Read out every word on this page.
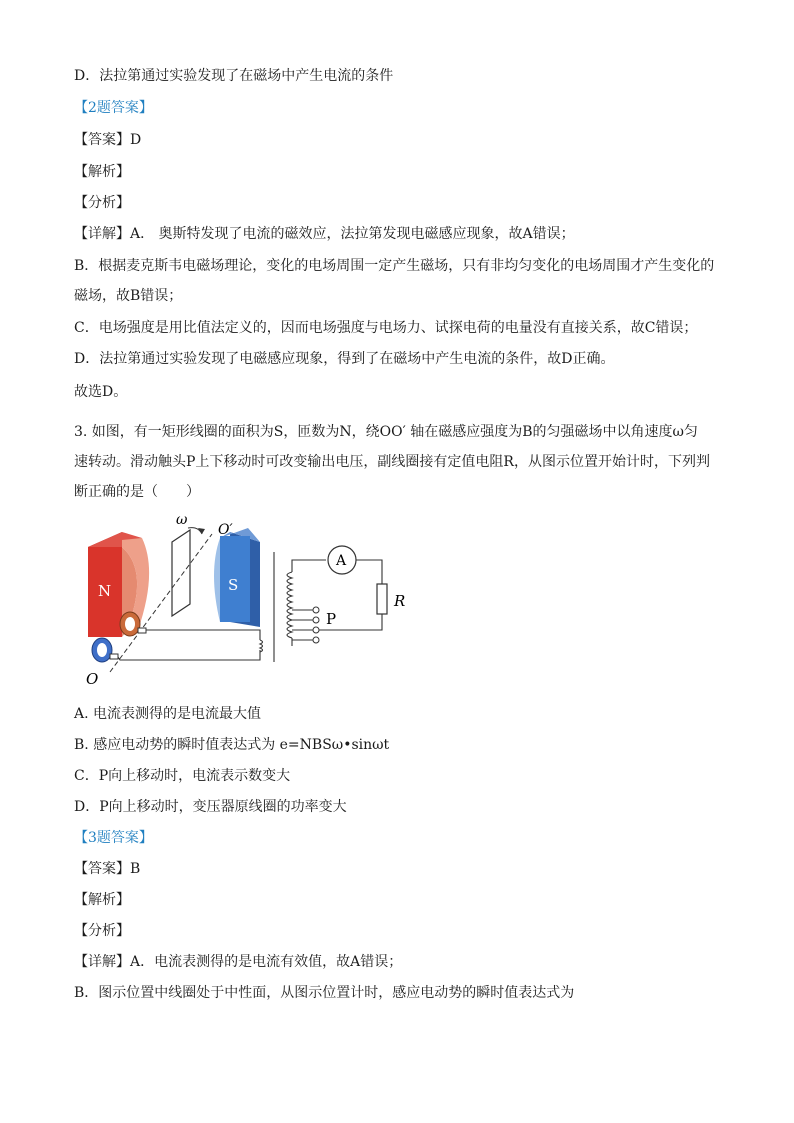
D．法拉第通过实验发现了在磁场中产生电流的条件
【2题答案】
【答案】D
【解析】
【分析】
【详解】A． 奥斯特发现了电流的磁效应，法拉第发现电磁感应现象，故A错误；
B．根据麦克斯韦电磁场理论，变化的电场周围一定产生磁场，只有非均匀变化的电场周围才产生变化的
磁场，故B错误；
C．电场强度是用比值法定义的，因而电场强度与电场力、试探电荷的电量没有直接关系，故C错误；
D．法拉第通过实验发现了电磁感应现象，得到了在磁场中产生电流的条件，故D正确。
故选D。
3. 如图，有一矩形线圈的面积为S，匝数为N，绕OO′ 轴在磁感应强度为B的匀强磁场中以角速度ω匀
速转动。滑动触头P上下移动时可改变输出电压，副线圈接有定值电阻R，从图示位置开始计时，下列判
断正确的是（　　）
N	S
ω
O′
O
P
A
R
A. 电流表测得的是电流最大值
B. 感应电动势的瞬时值表达式为 e=NBSω•sinωt
C．P向上移动时，电流表示数变大
D．P向上移动时，变压器原线圈的功率变大
【3题答案】
【答案】B
【解析】
【分析】
【详解】A．电流表测得的是电流有效值，故A错误；
B．图示位置中线圈处于中性面，从图示位置计时，感应电动势的瞬时值表达式为
